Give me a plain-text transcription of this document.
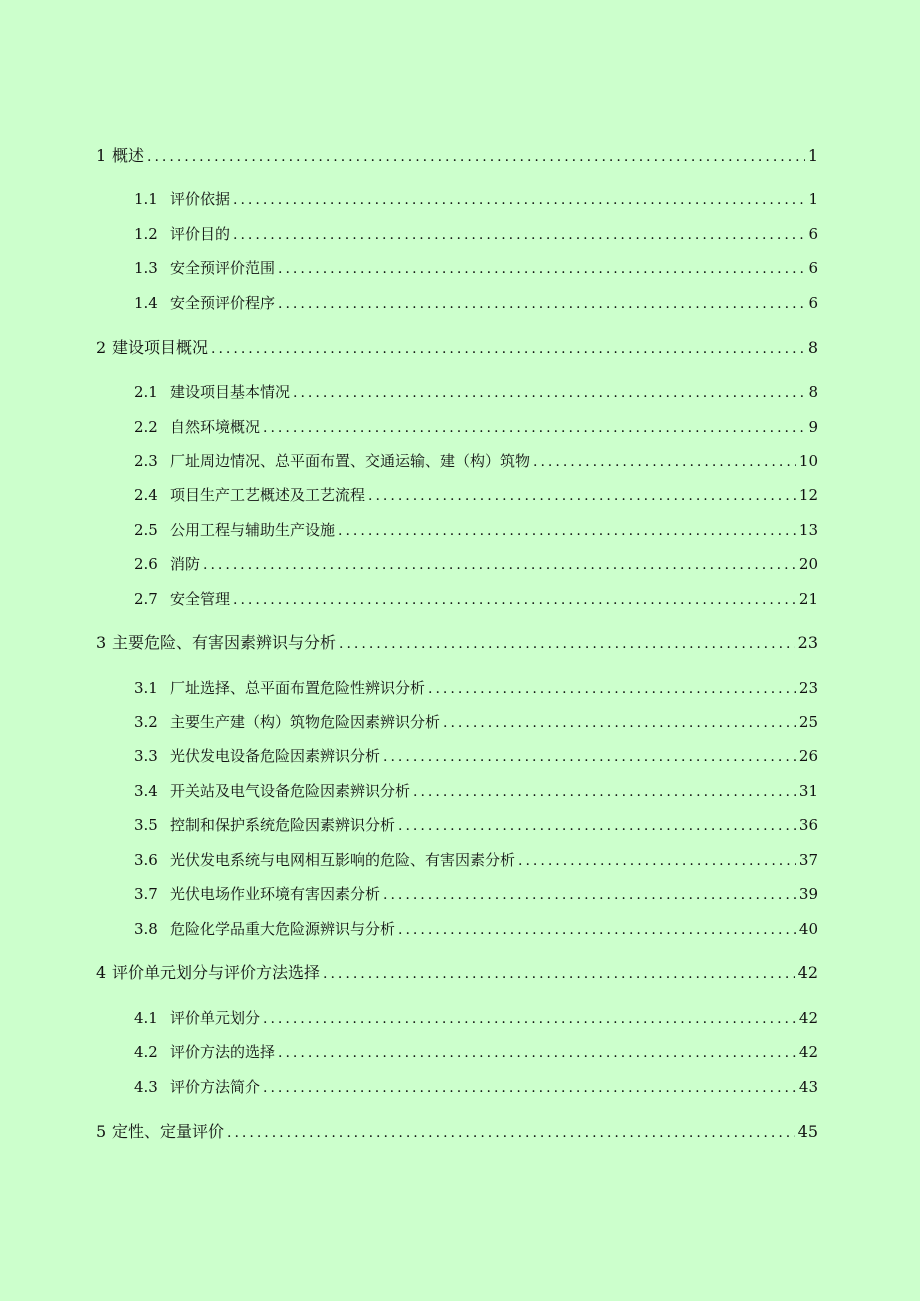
1 概述 .....	1
1.1 评价依据 .....	1
1.2 评价目的 .....	6
1.3 安全预评价范围 .....	6
1.4 安全预评价程序 .....	6
2 建设项目概况 .....	8
2.1 建设项目基本情况 .....	8
2.2 自然环境概况 .....	9
2.3 厂址周边情况、总平面布置、交通运输、建（构）筑物 .....	10
2.4 项目生产工艺概述及工艺流程 .....	12
2.5 公用工程与辅助生产设施 .....	13
2.6 消防 .....	20
2.7 安全管理 .....	21
3 主要危险、有害因素辨识与分析 .....	23
3.1 厂址选择、总平面布置危险性辨识分析 .....	23
3.2 主要生产建（构）筑物危险因素辨识分析 .....	25
3.3 光伏发电设备危险因素辨识分析 .....	26
3.4 开关站及电气设备危险因素辨识分析 .....	31
3.5 控制和保护系统危险因素辨识分析 .....	36
3.6 光伏发电系统与电网相互影响的危险、有害因素分析 .....	37
3.7 光伏电场作业环境有害因素分析 .....	39
3.8 危险化学品重大危险源辨识与分析 .....	40
4 评价单元划分与评价方法选择 .....	42
4.1 评价单元划分 .....	42
4.2 评价方法的选择 .....	42
4.3 评价方法简介 .....	43
5 定性、定量评价 .....	45
